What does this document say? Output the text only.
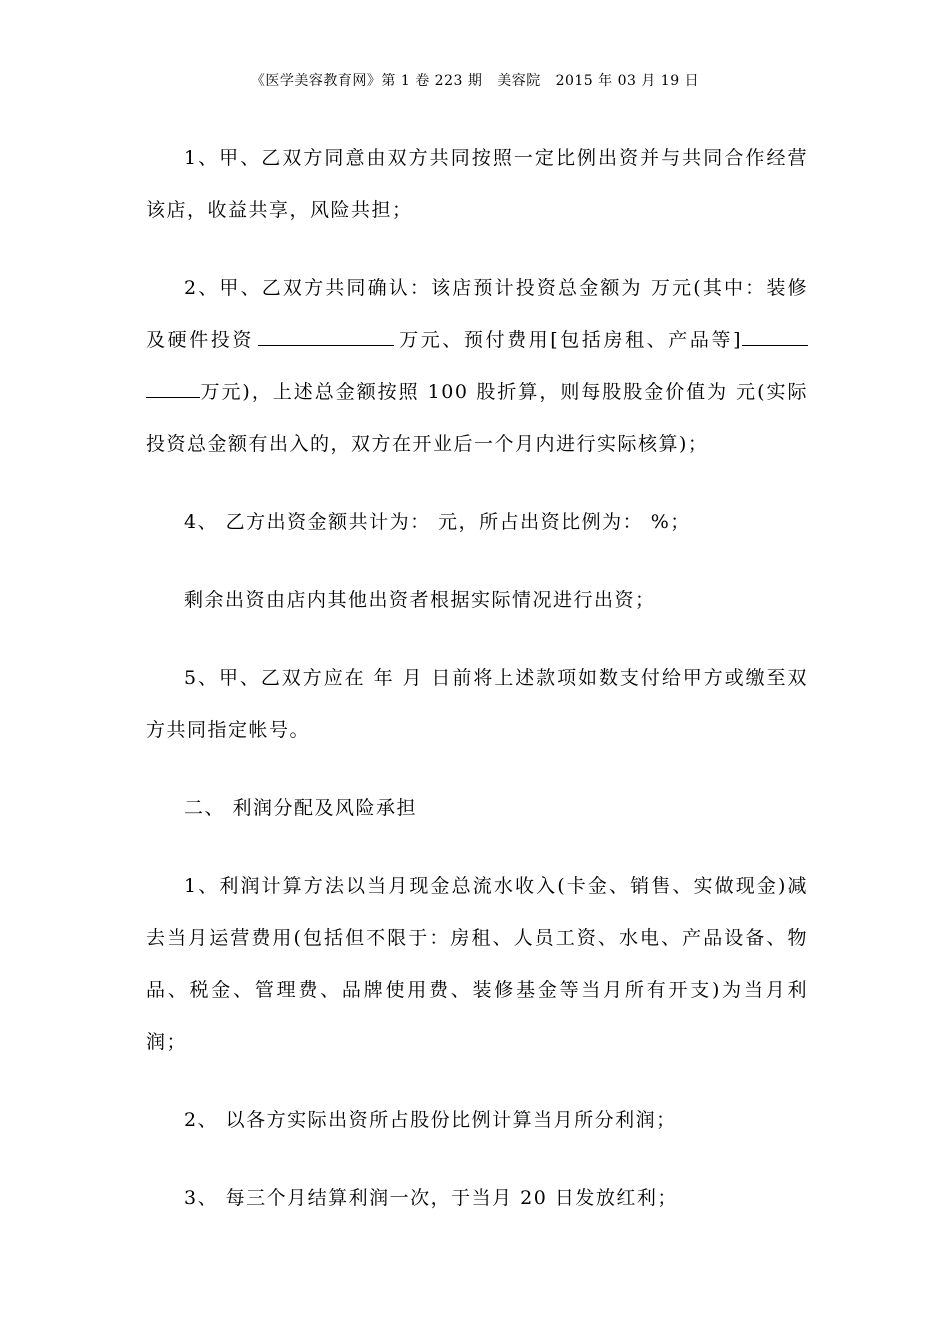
《医学美容教育网》第 1 卷 223 期 美容院 2015 年 03 月 19 日

1、甲、乙双方同意由双方共同按照一定比例出资并与共同合作经营该店，收益共享，风险共担；

2、甲、乙双方共同确认：该店预计投资总金额为 万元(其中：装修及硬件投资	万元、预付费用[包括房租、产品等]万元)，上述总金额按照 100 股折算，则每股股金价值为 元(实际投资总金额有出入的，双方在开业后一个月内进行实际核算)；

4、 乙方出资金额共计为： 元，所占出资比例为： %；

剩余出资由店内其他出资者根据实际情况进行出资；

5、甲、乙双方应在 年 月 日前将上述款项如数支付给甲方或缴至双方共同指定帐号。

二、 利润分配及风险承担

1、利润计算方法以当月现金总流水收入(卡金、销售、实做现金)减去当月运营费用(包括但不限于：房租、人员工资、水电、产品设备、物品、税金、管理费、品牌使用费、装修基金等当月所有开支)为当月利润；

2、 以各方实际出资所占股份比例计算当月所分利润；

3、 每三个月结算利润一次，于当月 20 日发放红利；
